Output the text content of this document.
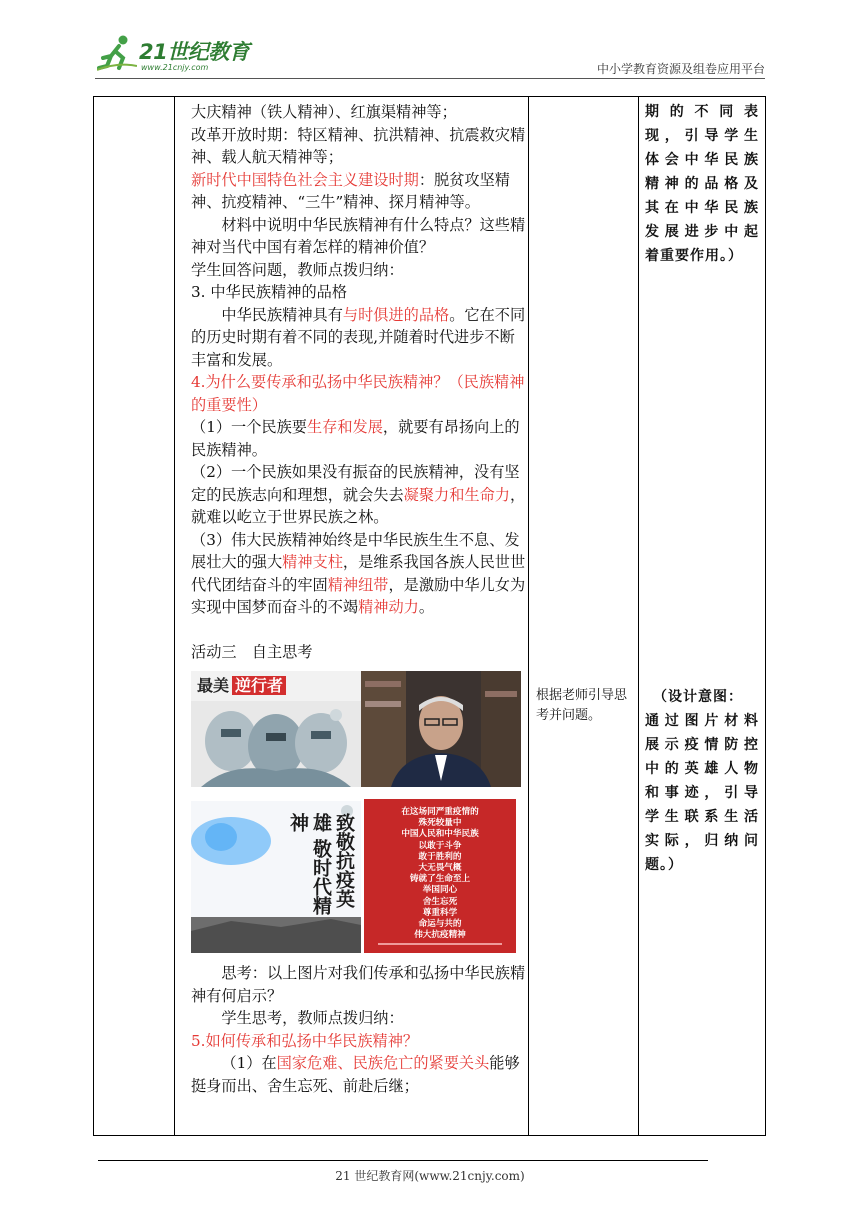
21世纪教育
www.21cnjy.com	中小学教育资源及组卷应用平台

大庆精神（铁人精神）、红旗渠精神等；

改革开放时期：特区精神、抗洪精神、抗震救灾精神、载人航天精神等；

新时代中国特色社会主义建设时期：脱贫攻坚精神、抗疫精神、“三牛”精神、探月精神等。

材料中说明中华民族精神有什么特点？这些精神对当代中国有着怎样的精神价值？

学生回答问题，教师点拨归纳：

3. 中华民族精神的品格

中华民族精神具有与时俱进的品格。它在不同的历史时期有着不同的表现,并随着时代进步不断丰富和发展。

4.为什么要传承和弘扬中华民族精神？（民族精神的重要性）

（1）一个民族要生存和发展，就要有昂扬向上的民族精神。

（2）一个民族如果没有振奋的民族精神，没有坚定的民族志向和理想，就会失去凝聚力和生命力，就难以屹立于世界民族之林。

（3）伟大民族精神始终是中华民族生生不息、发展壮大的强大精神支柱，是维系我国各族人民世世代代团结奋斗的牢固精神纽带，是激励中华儿女为实现中国梦而奋斗的不竭精神动力。

活动三　自主思考

最美 逆行者
致敬抗疫英雄 敬时代精神
在这场同严重疫情的
殊死较量中
中国人民和中华民族
以敢于斗争
敢于胜利的
大无畏气概
铸就了生命至上
举国同心
舍生忘死
尊重科学
命运与共的
伟大抗疫精神

思考：以上图片对我们传承和弘扬中华民族精神有何启示？

学生思考，教师点拨归纳：

5.如何传承和弘扬中华民族精神？

（1）在国家危难、民族危亡的紧要关头能够挺身而出、舍生忘死、前赴后继；

根据老师引导思考并问题。
期 的 不 同 表
现，引导学生
体会中华民族
精神的品格及
其在中华民族
发展进步中起
着重要作用。）
（设计意图：
通过图片材料
展示疫情防控
中的英雄人物
和事迹，引导
学生联系生活
实际，归纳问
题。）
21 世纪教育网(www.21cnjy.com)
